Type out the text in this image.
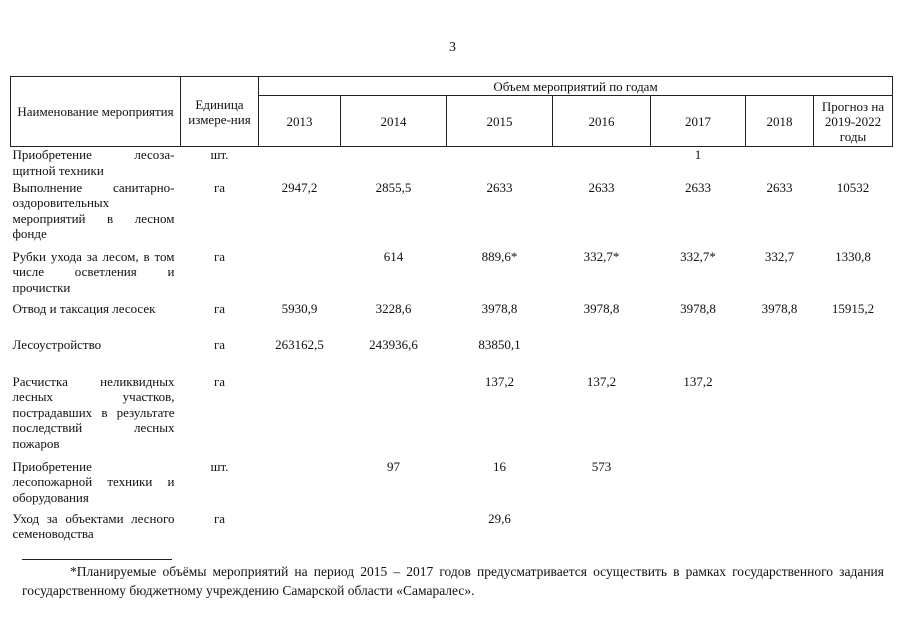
3
Наименование мероприятия	Единица измере-ния	Объем мероприятий по годам						
		2013	2014	2015	2016	2017	2018	Прогноз на 2019-2022 годы
Приобретение лесоза-щитной техники	шт.					1		
Выполнение санитарно-оздоровительных мероприятий в лесном фонде	га	2947,2	2855,5	2633	2633	2633	2633	10532
Рубки ухода за лесом, в том числе осветления и прочистки	га		614	889,6*	332,7*	332,7*	332,7	1330,8
Отвод и таксация лесосек	га	5930,9	3228,6	3978,8	3978,8	3978,8	3978,8	15915,2
Лесоустройство	га	263162,5	243936,6	83850,1				
Расчистка неликвидных лесных участков, пострадавших в результате последствий лесных пожаров	га			137,2	137,2	137,2		
Приобретение лесопожарной техники и оборудования	шт.		97	16	573			
Уход за объектами лесного семеноводства	га			29,6				
*Планируемые объёмы мероприятий на период 2015 – 2017 годов предусматривается осуществить в рамках государственного задания государственному бюджетному учреждению Самарской области «Самаралес».
